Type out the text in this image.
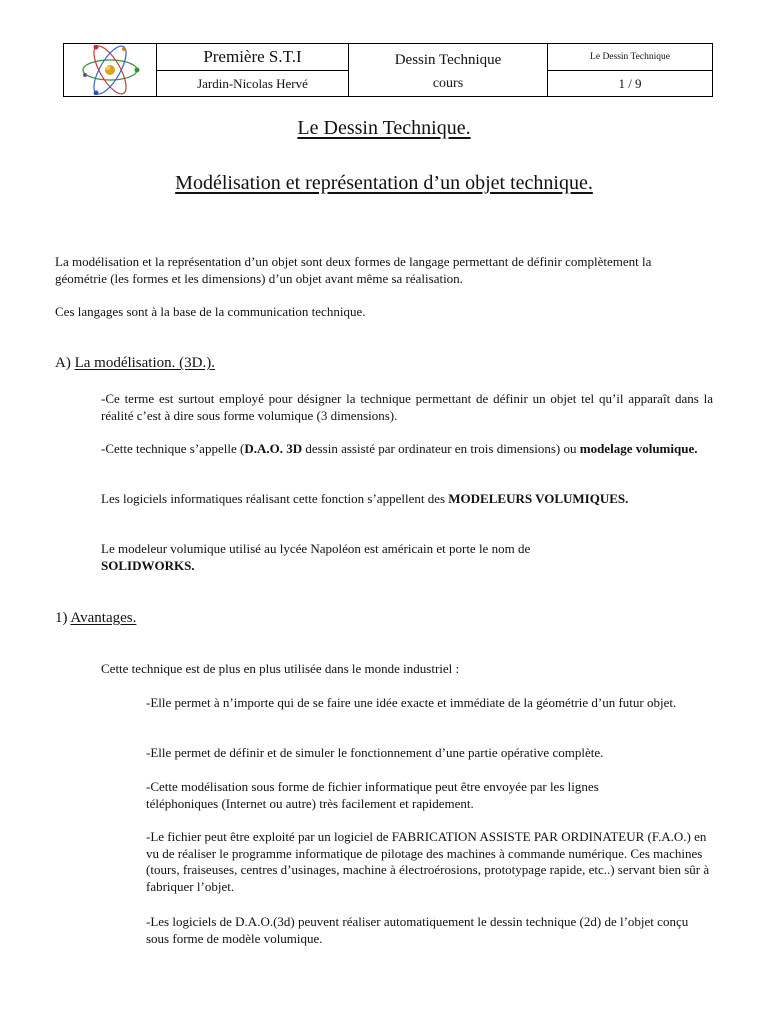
Première S.T.I	Dessin Technique	Le Dessin Technique
Jardin-Nicolas Hervé	cours	1 / 9
Le Dessin Technique.
Modélisation et représentation d’un objet technique.

La modélisation et la représentation d’un objet sont deux formes de langage permettant de définir complètement la géométrie (les formes et les dimensions) d’un objet avant même sa réalisation.

Ces langages sont à la base de la communication technique.

A) La modélisation. (3D.).

-Ce terme est surtout employé pour désigner la technique permettant de définir un objet tel qu’il apparaît dans la réalité c’est à dire sous forme volumique (3 dimensions).

-Cette technique s’appelle (D.A.O. 3D dessin assisté par ordinateur en trois dimensions) ou modelage volumique.

Les logiciels informatiques réalisant cette fonction s’appellent des MODELEURS VOLUMIQUES.

Le modeleur volumique utilisé au lycée Napoléon est américain et porte le nom de SOLIDWORKS.

1) Avantages.

Cette technique est de plus en plus utilisée dans le monde industriel :

-Elle permet à n’importe qui de se faire une idée exacte et immédiate de la géométrie d’un futur objet.

-Elle permet de définir et de simuler le fonctionnement d’une partie opérative complète.

-Cette modélisation sous forme de fichier informatique peut être envoyée par les lignes téléphoniques (Internet ou autre) très facilement et rapidement.

-Le fichier peut être exploité par un logiciel de FABRICATION ASSISTE PAR ORDINATEUR (F.A.O.) en vu de réaliser le programme informatique de pilotage des machines à commande numérique. Ces machines (tours, fraiseuses, centres d’usinages, machine à électroérosions, prototypage rapide, etc..) servant bien sûr à fabriquer l’objet.

-Les logiciels de D.A.O.(3d) peuvent réaliser automatiquement le dessin technique (2d) de l’objet conçu sous forme de modèle volumique.
